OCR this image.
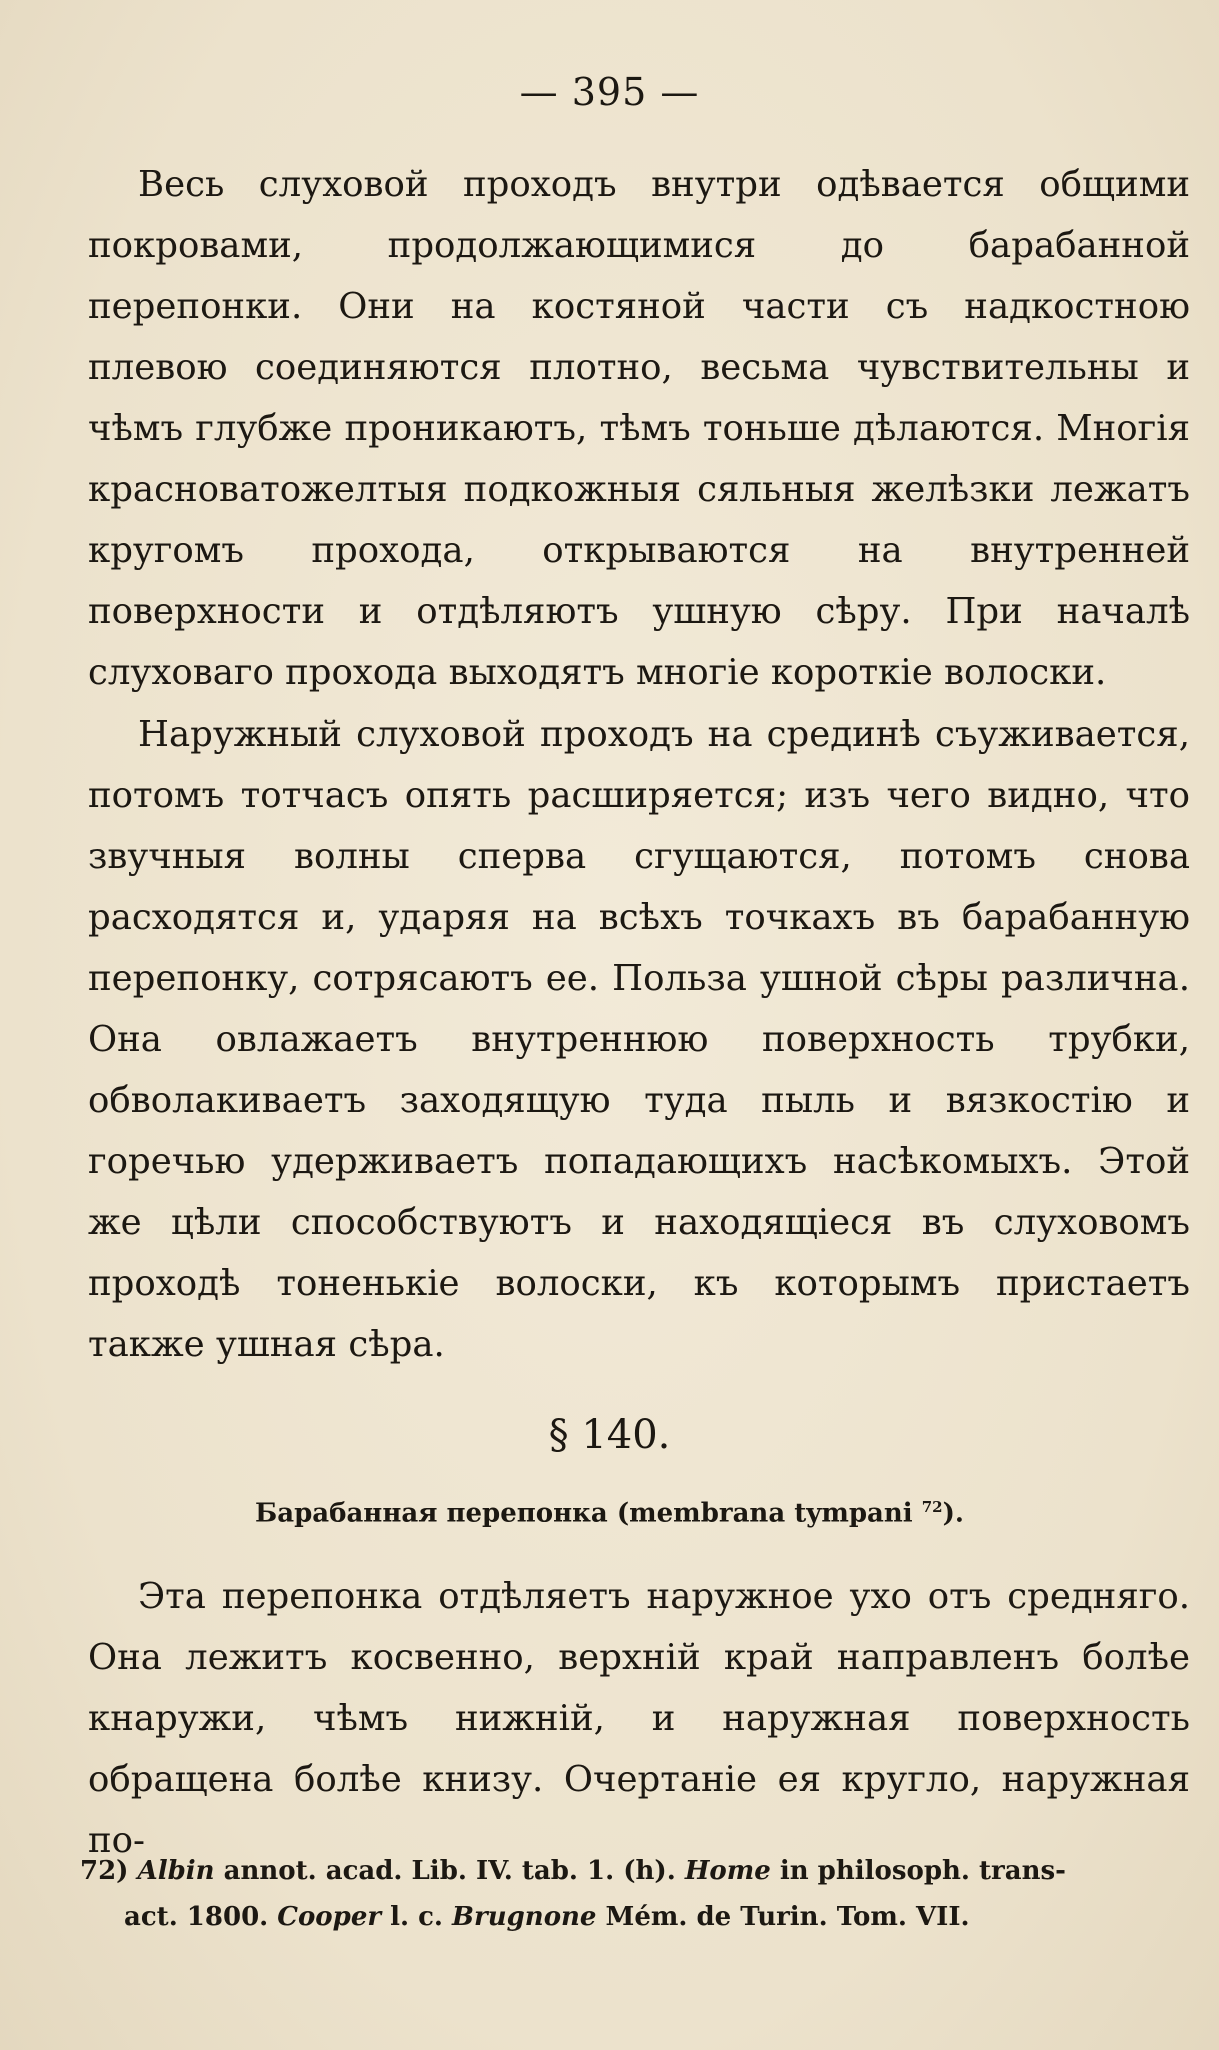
— 395 —

Весь слуховой проходъ внутри одѣвается общими покровами, продолжающимися до барабанной перепонки. Они на костяной части съ надкостною плевою соединяются плотно, весьма чувствительны и чѣмъ глубже проникаютъ, тѣмъ тоньше дѣлаются. Многія красноватожелтыя подкожныя сяльныя желѣзки лежатъ кругомъ прохода, открываются на внутренней поверхности и отдѣляютъ ушную сѣру. При началѣ слуховаго прохода выходятъ многіе короткіе волоски.

Наружный слуховой проходъ на срединѣ съуживается, потомъ тотчасъ опять расширяется; изъ чего видно, что звучныя волны сперва сгущаются, потомъ снова расходятся и, ударяя на всѣхъ точкахъ въ барабанную перепонку, сотрясаютъ ее. Польза ушной сѣры различна. Она овлажаетъ внутреннюю поверхность трубки, обволакиваетъ заходящую туда пыль и вязкостію и горечью удерживаетъ попадающихъ насѣкомыхъ. Этой же цѣли способствуютъ и находящіеся въ слуховомъ проходѣ тоненькіе волоски, къ которымъ пристаетъ также ушная сѣра.

§ 140.
Барабанная перепонка (membrana tympani $^{72}$).

Эта перепонка отдѣляетъ наружное ухо отъ средняго. Она лежитъ косвенно, верхній край направленъ болѣе кнаружи, чѣмъ нижній, и наружная поверхность обращена болѣе книзу. Очертаніе ея кругло, наружная по-

72) Albin annot. acad. Lib. IV. tab. 1. (h). Home in philosoph. trans-
act. 1800. Cooper l. c. Brugnone Mém. de Turin. Tom. VII.
